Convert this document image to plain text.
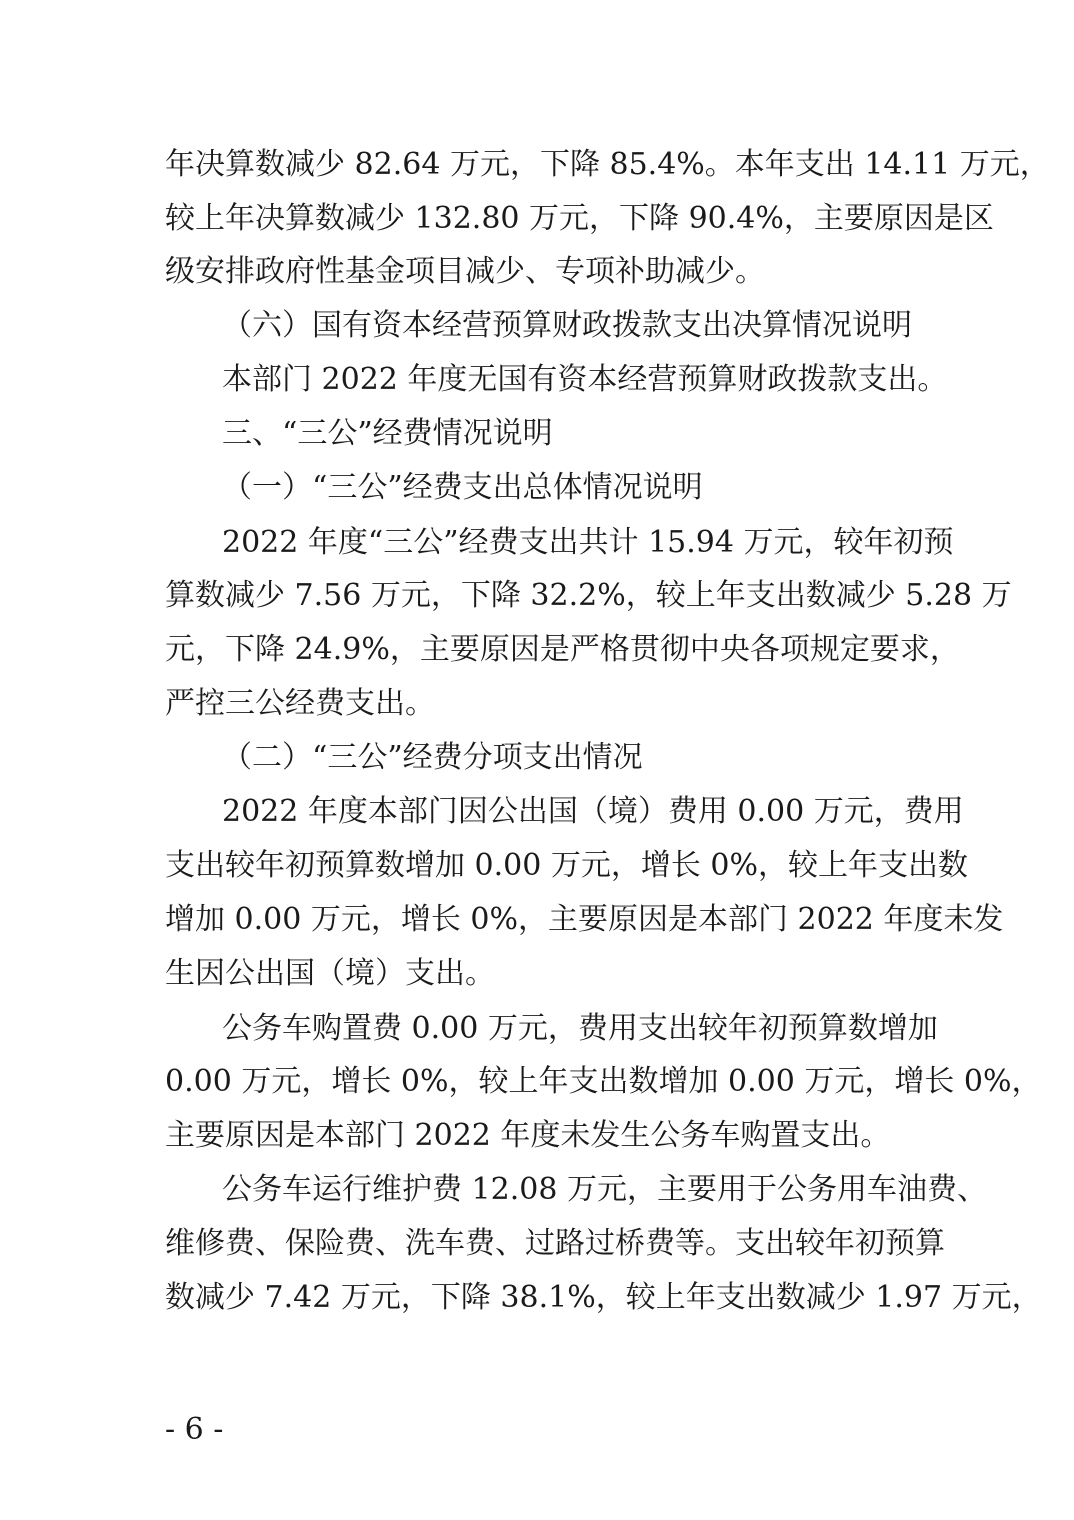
年决算数减少 82.64 万元，下降 85.4%。本年支出 14.11 万元，
较上年决算数减少 132.80 万元，下降 90.4%，主要原因是区
级安排政府性基金项目减少、专项补助减少。
（六）国有资本经营预算财政拨款支出决算情况说明
本部门 2022 年度无国有资本经营预算财政拨款支出。
三、“三公”经费情况说明
（一）“三公”经费支出总体情况说明
2022 年度“三公”经费支出共计 15.94 万元，较年初预
算数减少 7.56 万元，下降 32.2%，较上年支出数减少 5.28 万
元，下降 24.9%，主要原因是严格贯彻中央各项规定要求，
严控三公经费支出。
（二）“三公”经费分项支出情况
2022 年度本部门因公出国（境）费用 0.00 万元，费用
支出较年初预算数增加 0.00 万元，增长 0%，较上年支出数
增加 0.00 万元，增长 0%，主要原因是本部门 2022 年度未发
生因公出国（境）支出。
公务车购置费 0.00 万元，费用支出较年初预算数增加
0.00 万元，增长 0%，较上年支出数增加 0.00 万元，增长 0%，
主要原因是本部门 2022 年度未发生公务车购置支出。
公务车运行维护费 12.08 万元，主要用于公务用车油费、
维修费、保险费、洗车费、过路过桥费等。支出较年初预算
数减少 7.42 万元，下降 38.1%，较上年支出数减少 1.97 万元，
- 6 -
